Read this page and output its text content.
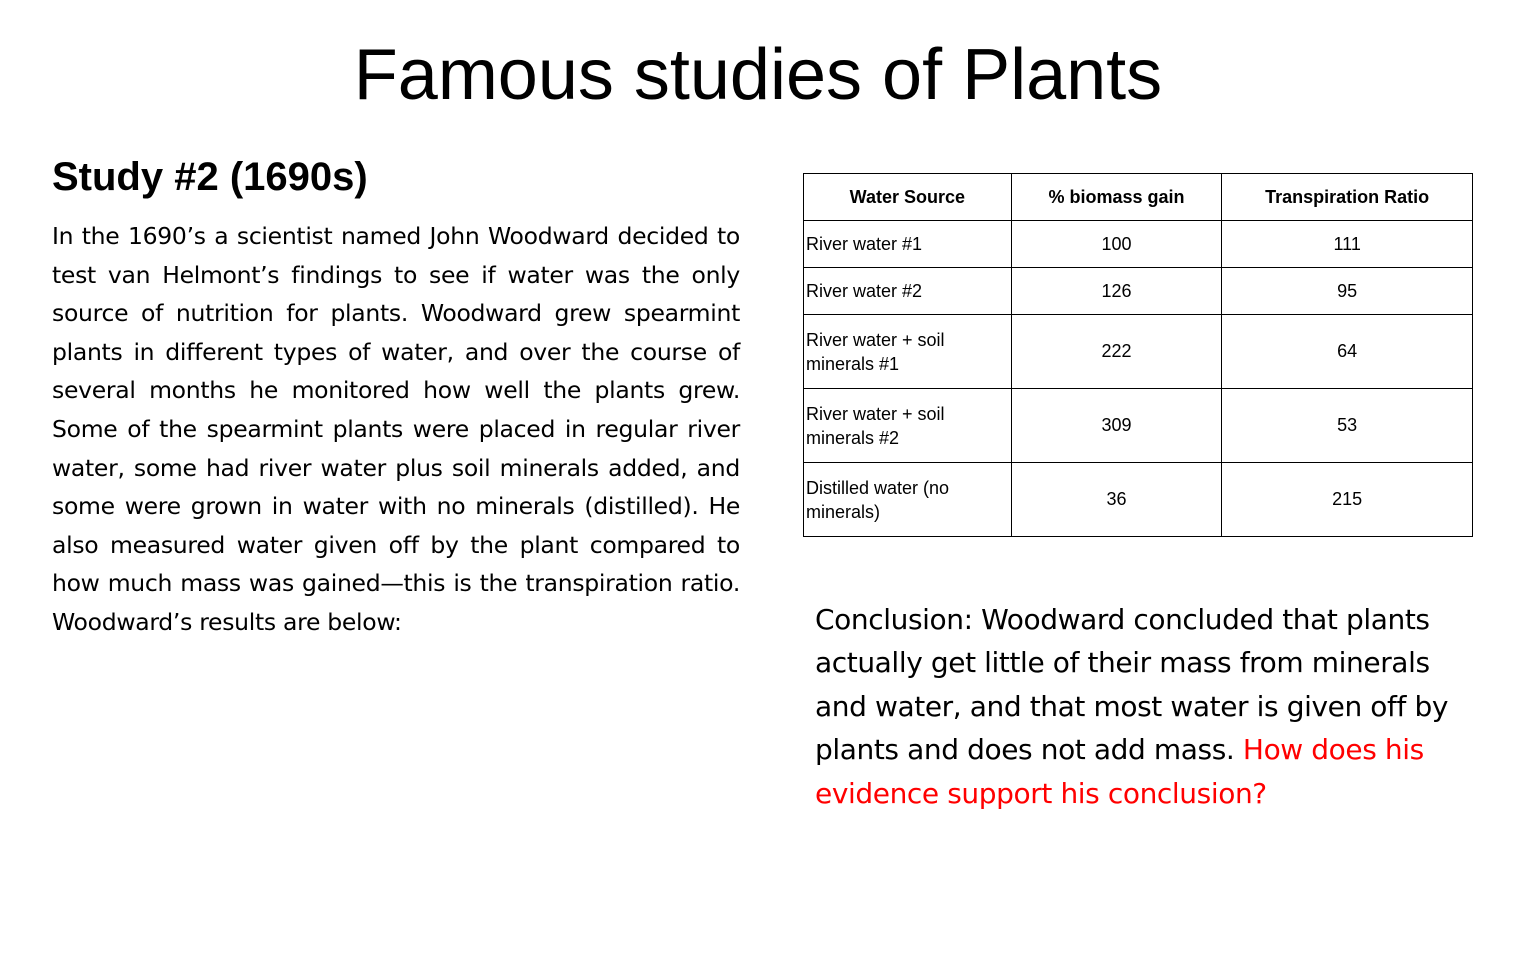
Famous studies of Plants
Study #2 (1690s)

In the 1690’s a scientist named John Woodward decided to test van Helmont’s findings to see if water was the only source of nutrition for plants. Woodward grew spearmint plants in different types of water, and over the course of several months he monitored how well the plants grew. Some of the spearmint plants were placed in regular river water, some had river water plus soil minerals added, and some were grown in water with no minerals (distilled). He also measured water given off by the plant compared to how much mass was gained—this is the transpiration ratio. Woodward’s results are below:

Water Source	% biomass gain	Transpiration Ratio
River water #1	100	111
River water #2	126	95
River water + soil minerals #1	222	64
River water + soil minerals #2	309	53
Distilled water (no minerals)	36	215

Conclusion: Woodward concluded that plants actually get little of their mass from minerals and water, and that most water is given off by plants and does not add mass. How does his evidence support his conclusion?
